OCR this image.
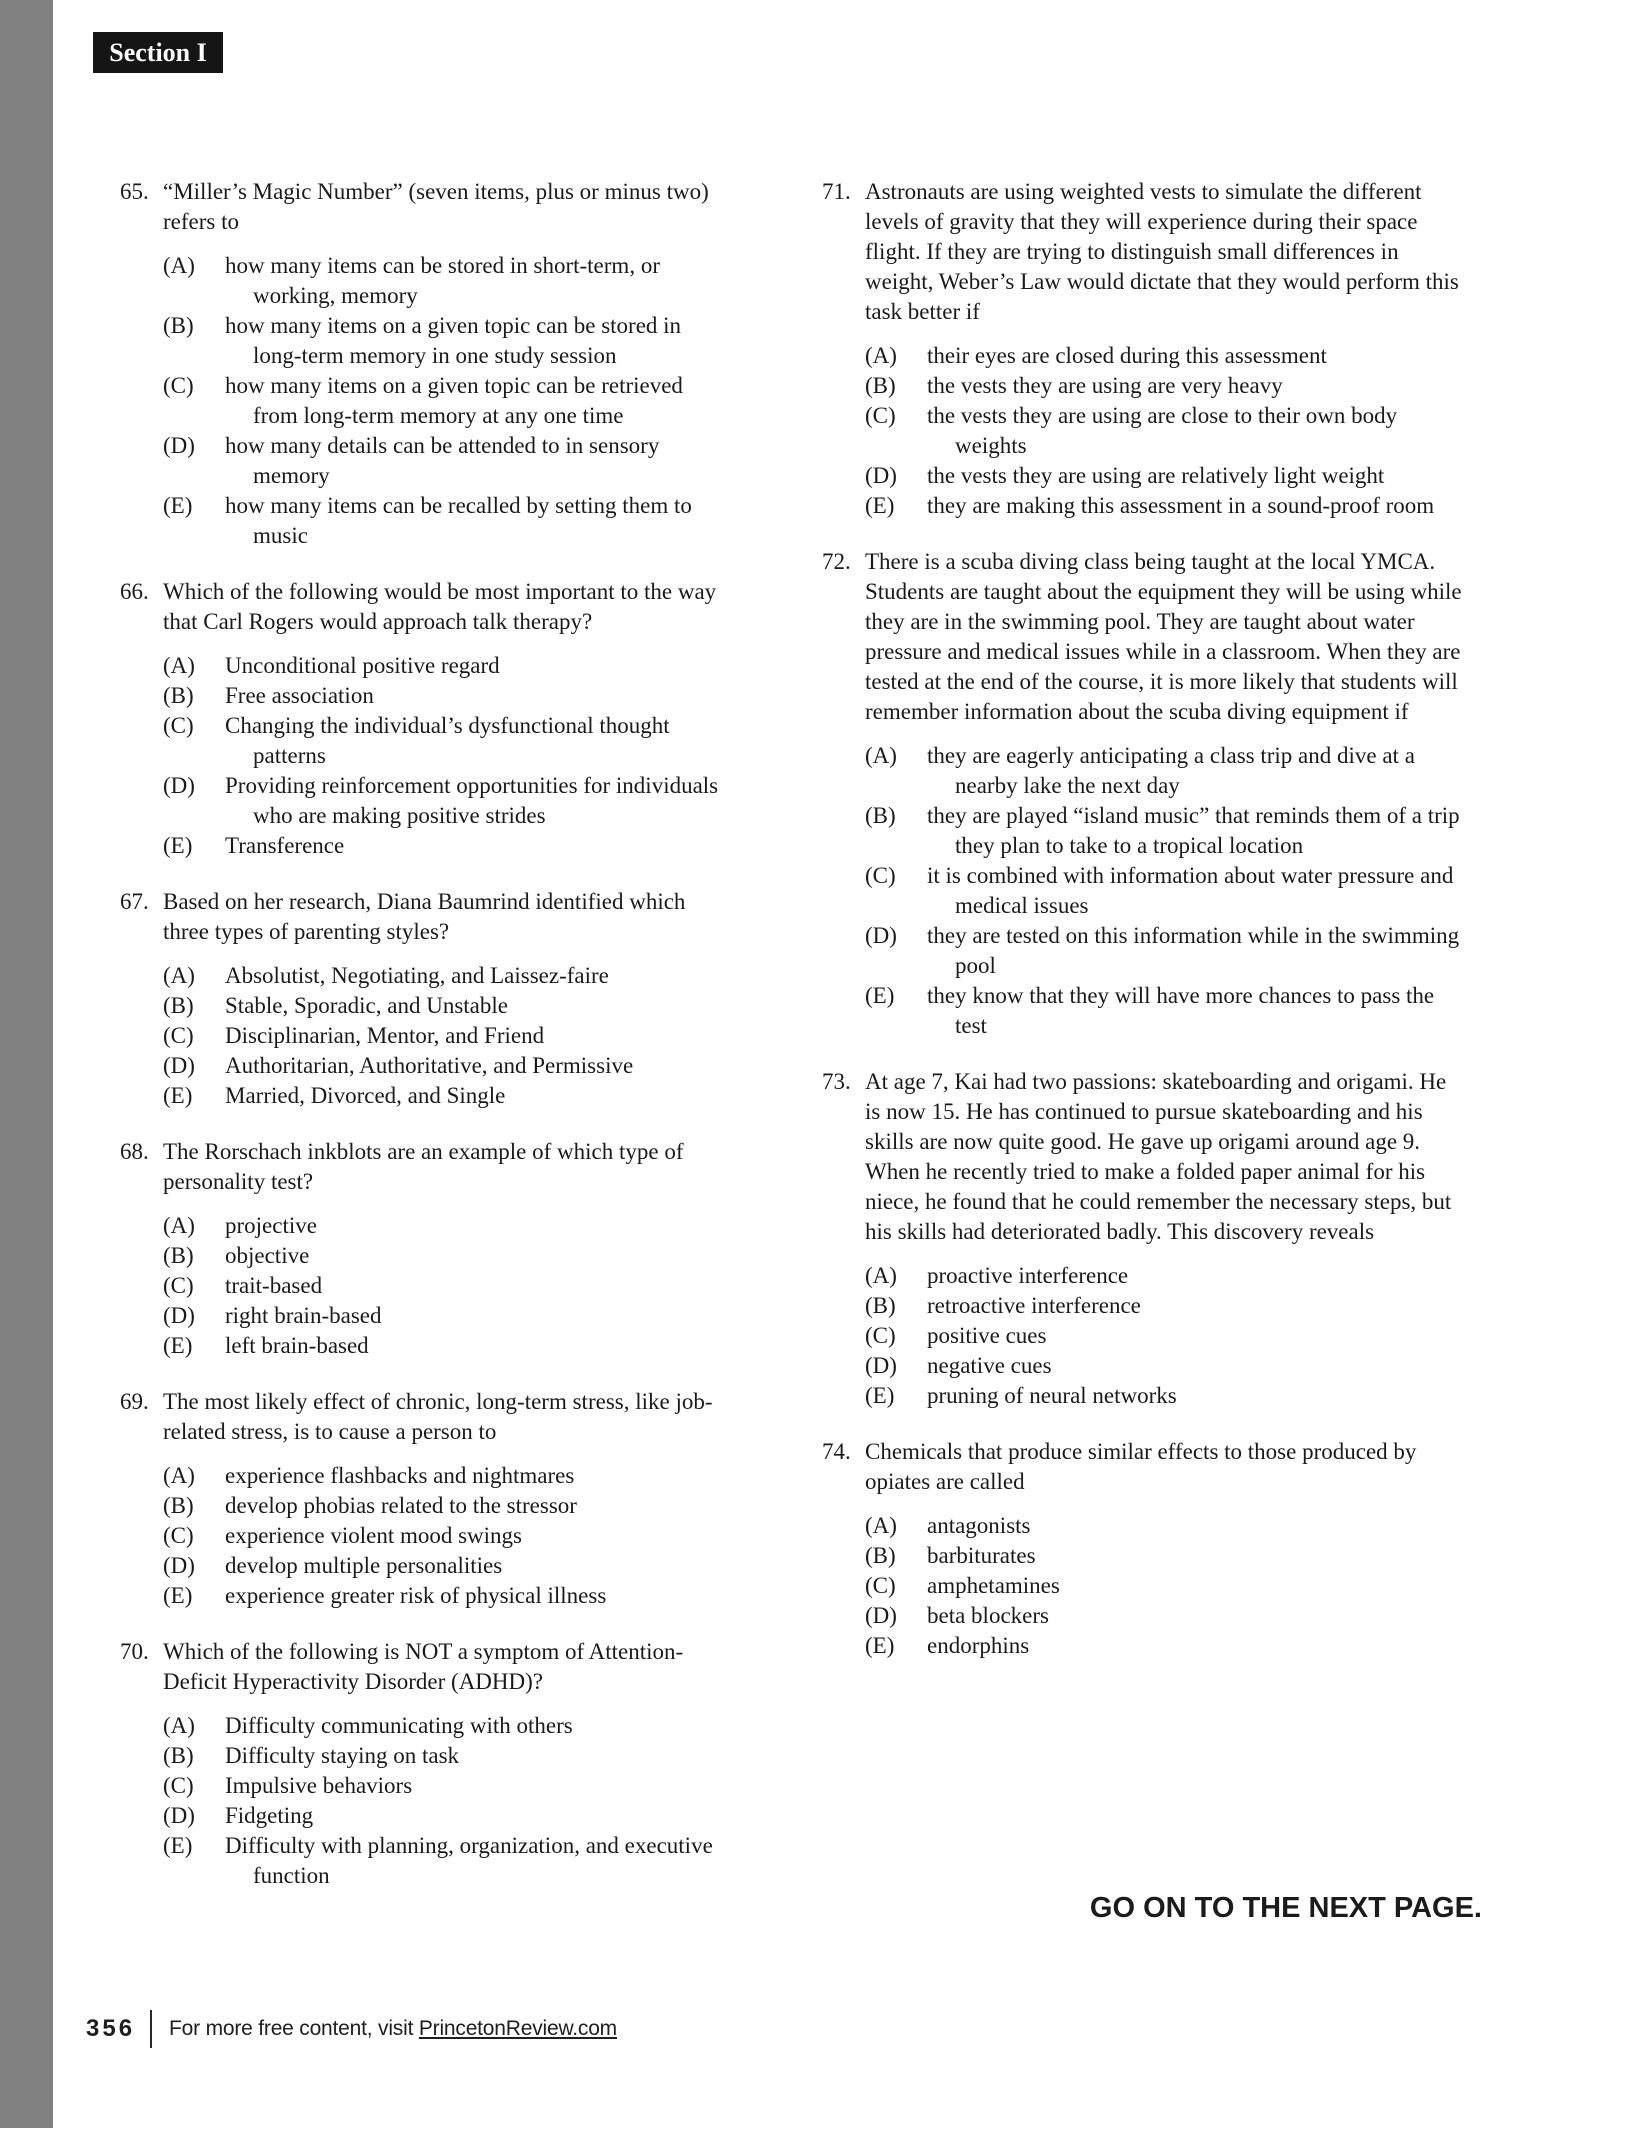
Section I
65. “Miller’s Magic Number” (seven items, plus or minus two) refers to
(A)	how many items can be stored in short-term, or working, memory
(B)	how many items on a given topic can be stored in long-term memory in one study session
(C)	how many items on a given topic can be retrieved from long-term memory at any one time
(D)	how many details can be attended to in sensory memory
(E)	how many items can be recalled by setting them to music
66. Which of the following would be most important to the way that Carl Rogers would approach talk therapy?
(A)	Unconditional positive regard
(B)	Free association
(C)	Changing the individual’s dysfunctional thought patterns
(D)	Providing reinforcement opportunities for individuals who are making positive strides
(E)	Transference
67. Based on her research, Diana Baumrind identified which three types of parenting styles?
(A)	Absolutist, Negotiating, and Laissez-faire
(B)	Stable, Sporadic, and Unstable
(C)	Disciplinarian, Mentor, and Friend
(D)	Authoritarian, Authoritative, and Permissive
(E)	Married, Divorced, and Single
68. The Rorschach inkblots are an example of which type of personality test?
(A)	projective
(B)	objective
(C)	trait-based
(D)	right brain-based
(E)	left brain-based
69. The most likely effect of chronic, long-term stress, like job-related stress, is to cause a person to
(A)	experience flashbacks and nightmares
(B)	develop phobias related to the stressor
(C)	experience violent mood swings
(D)	develop multiple personalities
(E)	experience greater risk of physical illness
70. Which of the following is NOT a symptom of Attention-Deficit Hyperactivity Disorder (ADHD)?
(A)	Difficulty communicating with others
(B)	Difficulty staying on task
(C)	Impulsive behaviors
(D)	Fidgeting
(E)	Difficulty with planning, organization, and executive function
71. Astronauts are using weighted vests to simulate the different levels of gravity that they will experience during their space flight. If they are trying to distinguish small differences in weight, Weber’s Law would dictate that they would perform this task better if
(A)	their eyes are closed during this assessment
(B)	the vests they are using are very heavy
(C)	the vests they are using are close to their own body weights
(D)	the vests they are using are relatively light weight
(E)	they are making this assessment in a sound-proof room
72. There is a scuba diving class being taught at the local YMCA. Students are taught about the equipment they will be using while they are in the swimming pool. They are taught about water pressure and medical issues while in a classroom. When they are tested at the end of the course, it is more likely that students will remember information about the scuba diving equipment if
(A)	they are eagerly anticipating a class trip and dive at a nearby lake the next day
(B)	they are played “island music” that reminds them of a trip they plan to take to a tropical location
(C)	it is combined with information about water pressure and medical issues
(D)	they are tested on this information while in the swimming pool
(E)	they know that they will have more chances to pass the test
73. At age 7, Kai had two passions: skateboarding and origami. He is now 15. He has continued to pursue skateboarding and his skills are now quite good. He gave up origami around age 9. When he recently tried to make a folded paper animal for his niece, he found that he could remember the necessary steps, but his skills had deteriorated badly. This discovery reveals
(A)	proactive interference
(B)	retroactive interference
(C)	positive cues
(D)	negative cues
(E)	pruning of neural networks
74. Chemicals that produce similar effects to those produced by opiates are called
(A)	antagonists
(B)	barbiturates
(C)	amphetamines
(D)	beta blockers
(E)	endorphins
GO ON TO THE NEXT PAGE.
356 For more free content, visit PrincetonReview.com
